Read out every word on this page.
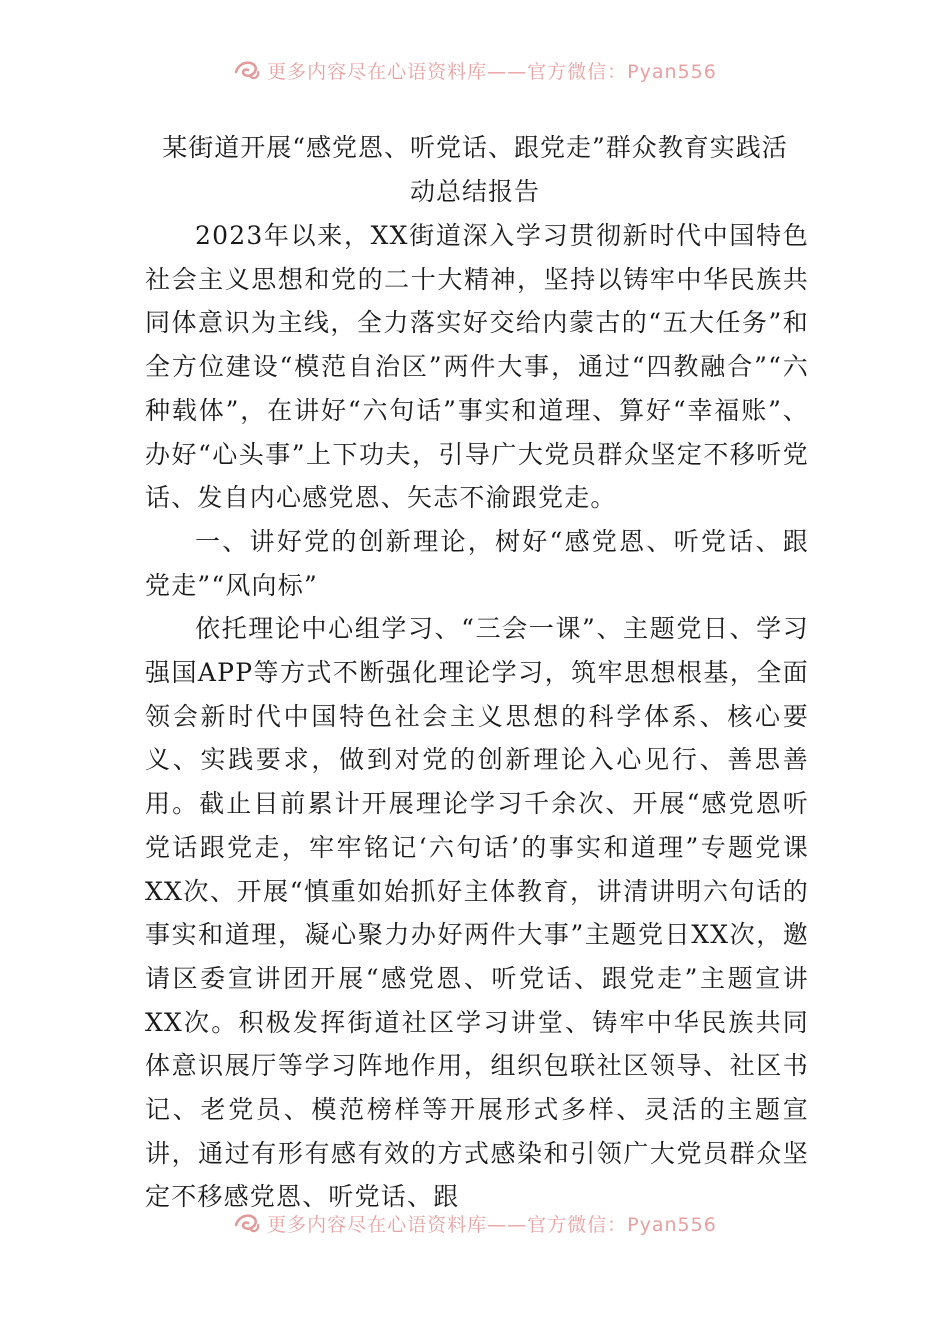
更多内容尽在心语资料库——官方微信：Pyan556
某街道开展“感党恩、听党话、跟党走”群众教育实践活
动总结报告

2023年以来，XX街道深入学习贯彻新时代中国特色社会主义思想和党的二十大精神，坚持以铸牢中华民族共同体意识为主线，全力落实好交给内蒙古的“五大任务”和全方位建设“模范自治区”两件大事，通过“四教融合”“六种载体”，在讲好“六句话”事实和道理、算好“幸福账”、办好“心头事”上下功夫，引导广大党员群众坚定不移听党话、发自内心感党恩、矢志不渝跟党走。

一、讲好党的创新理论，树好“感党恩、听党话、跟党走”“风向标”

依托理论中心组学习、“三会一课”、主题党日、学习强国APP等方式不断强化理论学习，筑牢思想根基，全面领会新时代中国特色社会主义思想的科学体系、核心要义、实践要求，做到对党的创新理论入心见行、善思善用。截止目前累计开展理论学习千余次、开展“感党恩听党话跟党走，牢牢铭记‘六句话’的事实和道理”专题党课XX次、开展“慎重如始抓好主体教育，讲清讲明六句话的事实和道理，凝心聚力办好两件大事”主题党日XX次，邀请区委宣讲团开展“感党恩、听党话、跟党走”主题宣讲XX次。积极发挥街道社区学习讲堂、铸牢中华民族共同体意识展厅等学习阵地作用，组织包联社区领导、社区书记、老党员、模范榜样等开展形式多样、灵活的主题宣讲，通过有形有感有效的方式感染和引领广大党员群众坚定不移感党恩、听党话、跟

更多内容尽在心语资料库——官方微信：Pyan556
